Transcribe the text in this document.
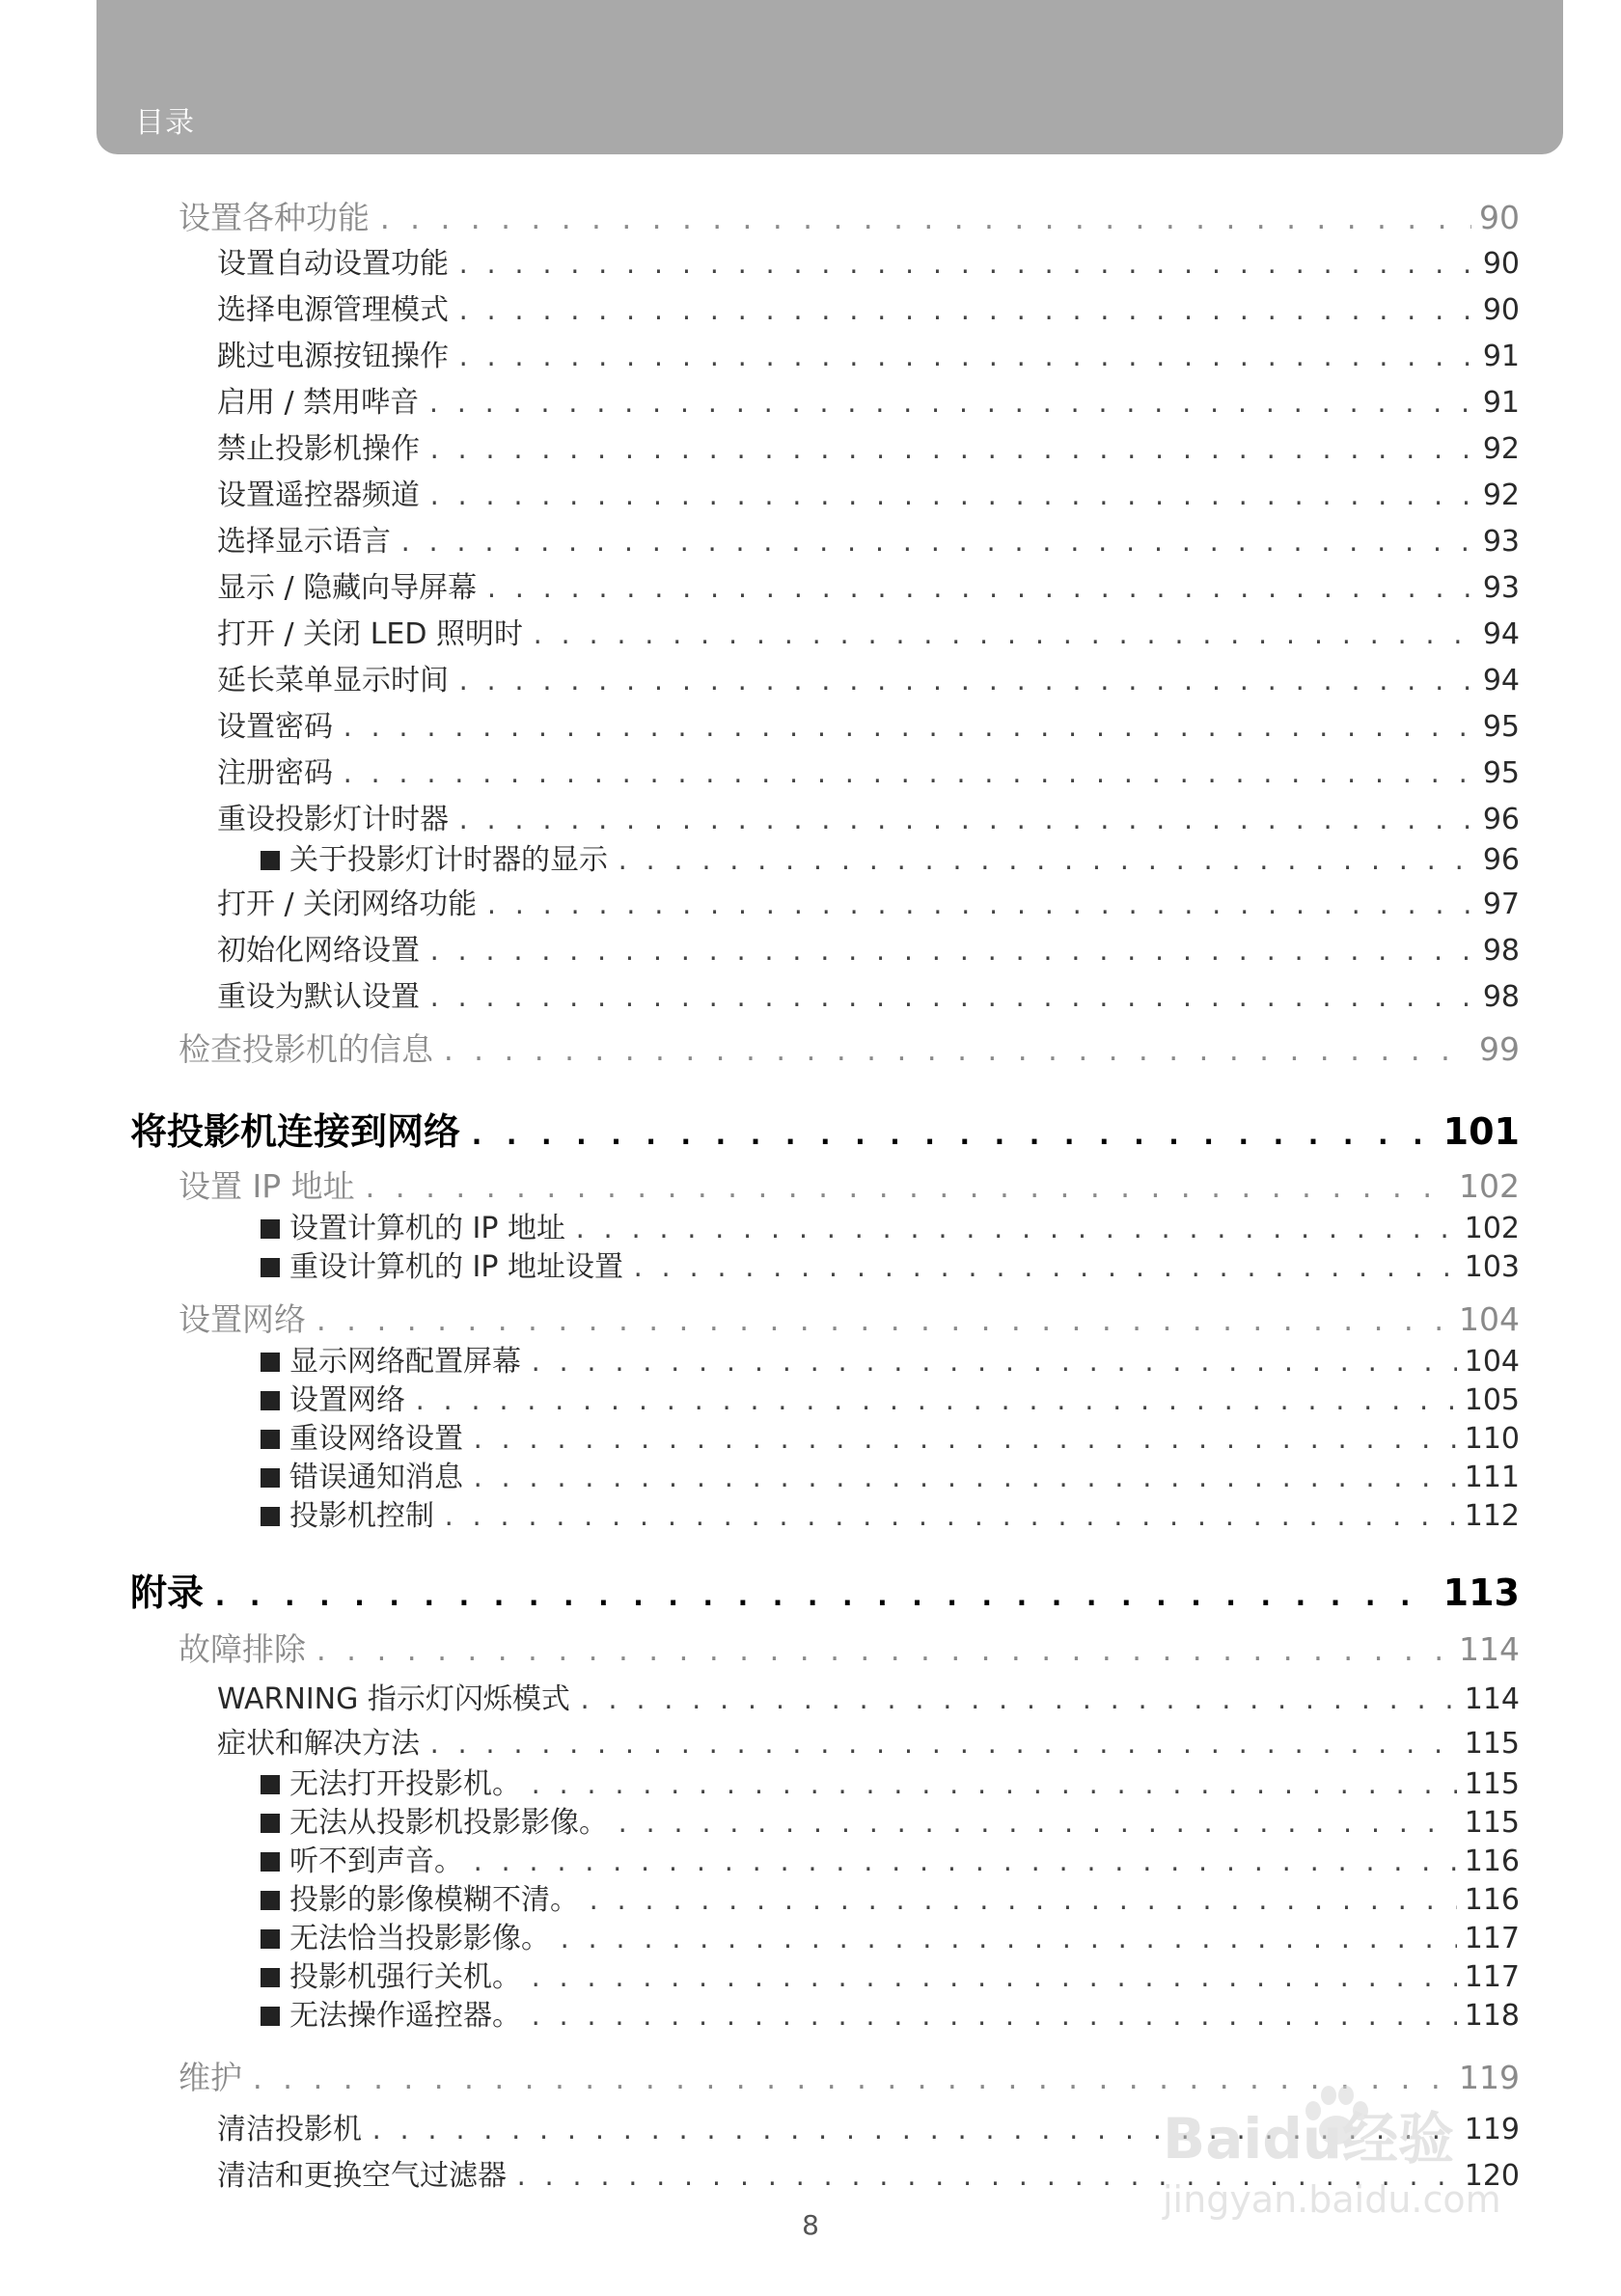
目录
设置各种功能 . . .	90
设置自动设置功能 . . .	90
选择电源管理模式 . . .	90
跳过电源按钮操作 . . .	91
启用 / 禁用哔音 . . .	91
禁止投影机操作 . . .	92
设置遥控器频道 . . .	92
选择显示语言 . . .	93
显示 / 隐藏向导屏幕 . . .	93
打开 / 关闭 LED 照明时 . . .	94
延长菜单显示时间 . . .	94
设置密码 . . .	95
注册密码 . . .	95
重设投影灯计时器 . . .	96
关于投影灯计时器的显示 . . .	96
打开 / 关闭网络功能 . . .	97
初始化网络设置 . . .	98
重设为默认设置 . . .	98
检查投影机的信息 . . .	99
将投影机连接到网络 . . .	101
设置 IP 地址 . . .	102
设置计算机的 IP 地址 . . .	102
重设计算机的 IP 地址设置 . . .	103
设置网络 . . .	104
显示网络配置屏幕 . . .	104
设置网络 . . .	105
重设网络设置 . . .	110
错误通知消息 . . .	111
投影机控制 . . .	112
附录 . . .	113
故障排除 . . .	114
WARNING 指示灯闪烁模式 . . .	114
症状和解决方法 . . .	115
无法打开投影机。 . . .	115
无法从投影机投影影像。 . . .	115
听不到声音。 . . .	116
投影的影像模糊不清。 . . .	116
无法恰当投影影像。 . . .	117
投影机强行关机。 . . .	117
无法操作遥控器。 . . .	118
维护 . . .	119
清洁投影机 . . .	119
清洁和更换空气过滤器 . . .	120
8
Baidu经验
jingyan.baidu.com
